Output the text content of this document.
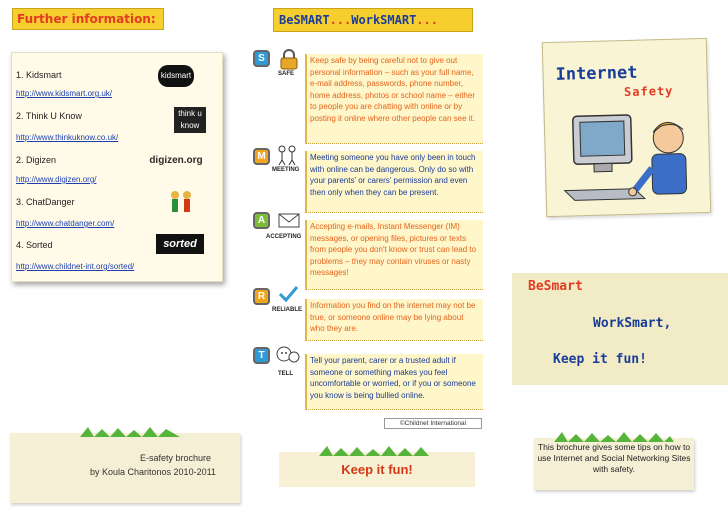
Further information:
1. Kidsmart	kidsmart
http://www.kidsmart.org.uk/
2. Think U Know	think u know
http://www.thinkuknow.co.uk/
2. Digizen	digizen.org
http://www.digizen.org/
3. ChatDanger
http://www.chatdanger.com/
4. Sorted	sorted
http://www.childnet-int.org/sorted/
E-safety brochure
by Koula Charitonos 2010-2011
BeSMART...WorkSMART...
S
SAFE
Keep safe by being careful not to give out personal information – such as your full name, e-mail address, passwords, phone number, home address, photos or school name – either to people you are chatting with online or by posting it online where other people can see it.
M
MEETING
Meeting someone you have only been in touch with online can be dangerous. Only do so with your parents' or carers' permission and even then only when they can be present.
A
ACCEPTING
Accepting e-mails, Instant Messenger (IM) messages, or opening files, pictures or texts from people you don't know or trust can lead to problems – they may contain viruses or nasty messages!
R
RELIABLE	Information you find on the internet may not be true, or someone online may be lying about who they are.
T
TELL
Tell your parent, carer or a trusted adult if someone or something makes you feel uncomfortable or worried, or if you or someone you know is being bullied online.
©Childnet International
Keep it fun!
Internet
Safety
BeSmart
WorkSmart,
Keep it fun!
This brochure gives some tips on how to use Internet and Social Networking Sites with safety.
